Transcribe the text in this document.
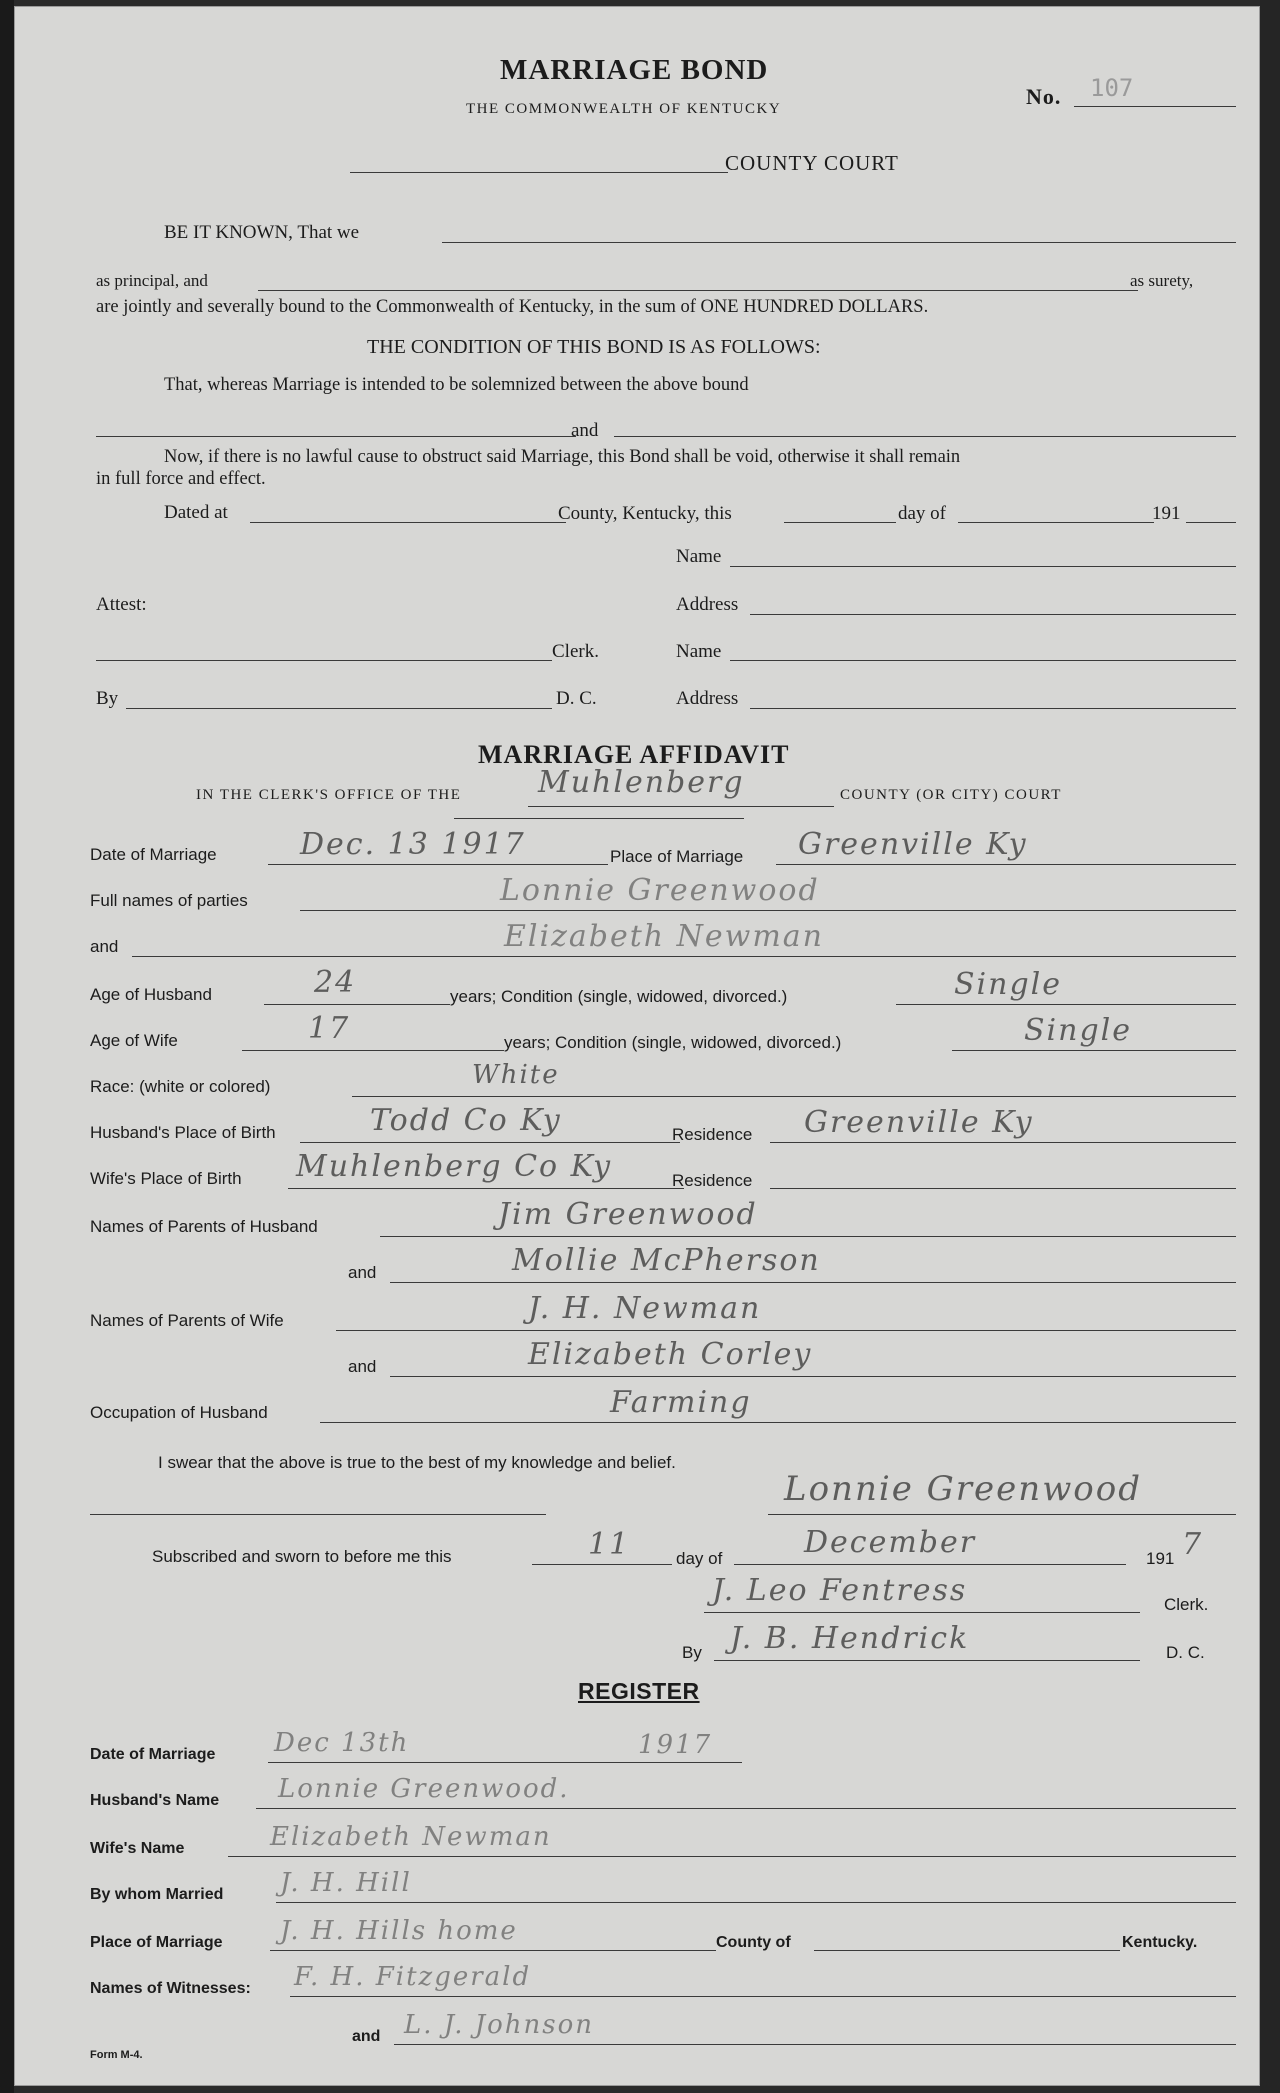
MARRIAGE BOND
THE COMMONWEALTH OF KENTUCKY	No. 107
COUNTY COURT
BE IT KNOWN, That we
as principal, and	as surety,
are jointly and severally bound to the Commonwealth of Kentucky, in the sum of ONE HUNDRED DOLLARS.
THE CONDITION OF THIS BOND IS AS FOLLOWS:
That, whereas Marriage is intended to be solemnized between the above bound
and
Now, if there is no lawful cause to obstruct said Marriage, this Bond shall be void, otherwise it shall remain
in full force and effect.
Dated at	County, Kentucky, this	day of	191
Name
Attest:	Address
Clerk.	Name
By	D. C.	Address
MARRIAGE AFFIDAVIT
IN THE CLERK'S OFFICE OF THE	Muhlenberg	COUNTY (OR CITY) COURT
Date of Marriage	Dec. 13 1917	Place of Marriage Greenville Ky
Full names of parties	Lonnie Greenwood
and	Elizabeth Newman
Age of Husband	24	years; Condition (single, widowed, divorced.)	Single
Age of Wife	17	years; Condition (single, widowed, divorced.)	Single
Race: (white or colored)	White
Husband's Place of Birth	Todd Co Ky	Residence Greenville Ky
Wife's Place of Birth Muhlenberg Co Ky	Residence
Names of Parents of Husband	Jim Greenwood
and	Mollie McPherson
Names of Parents of Wife	J. H. Newman
and	Elizabeth Corley
Occupation of Husband	Farming
I swear that the above is true to the best of my knowledge and belief.
Lonnie Greenwood
Subscribed and sworn to before me this	11	day of	December	191 7
J. Leo Fentress	Clerk.
By J. B. Hendrick	D. C.
REGISTER
Date of Marriage Dec 13th	1917
Husband's Name Lonnie Greenwood.
Wife's Name	Elizabeth Newman
By whom Married J. H. Hill
Place of Marriage J. H. Hills home	County of	Kentucky.
Names of Witnesses: F. H. Fitzgerald
and L. J. Johnson
Form M-4.
